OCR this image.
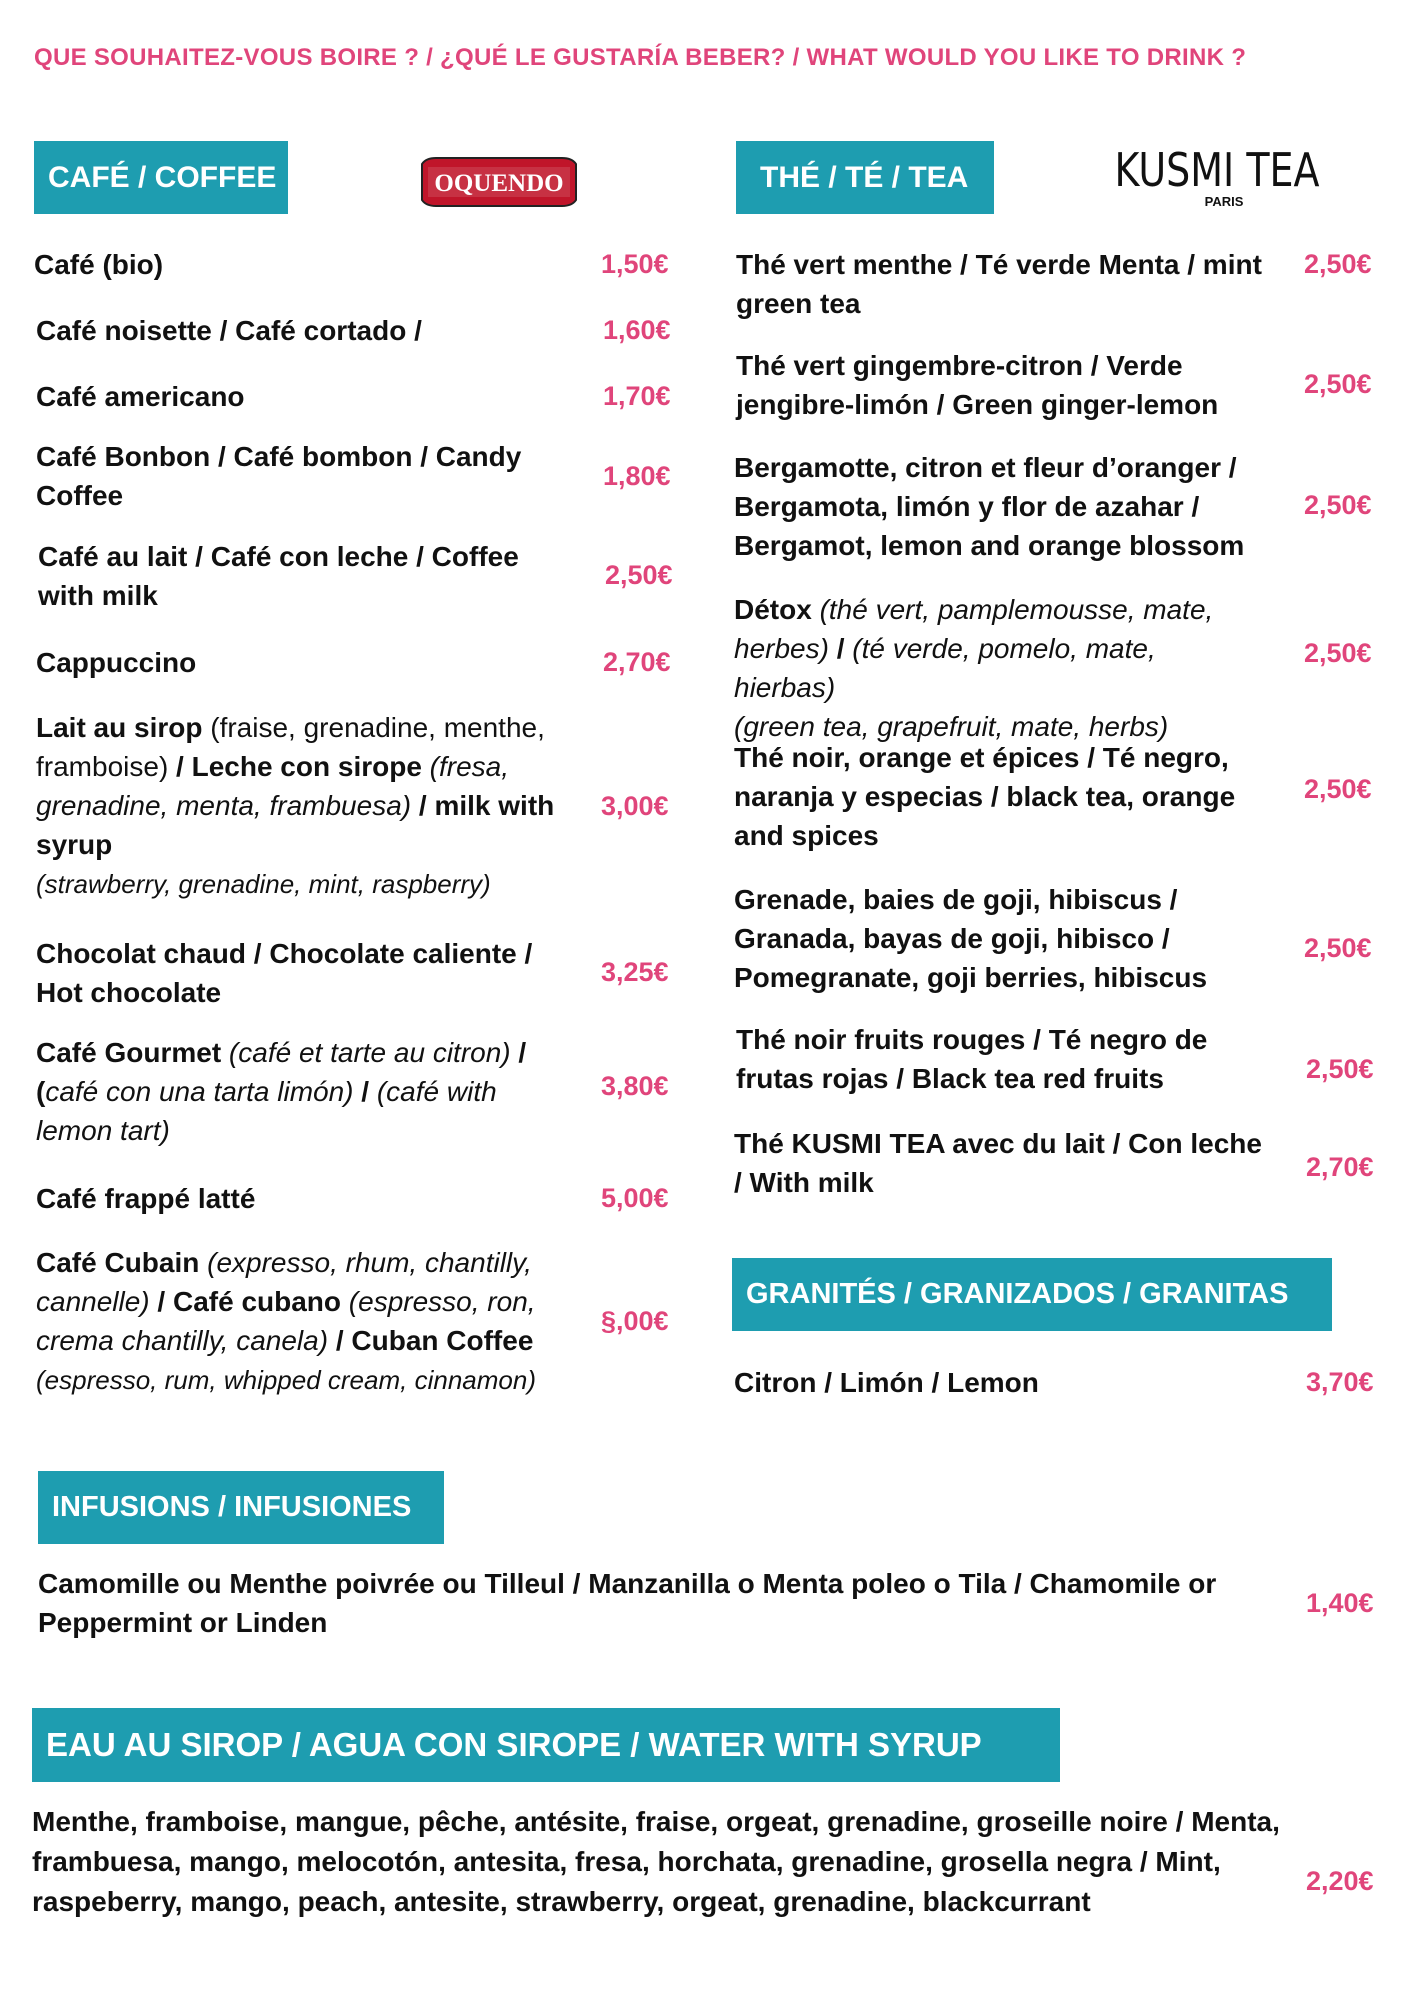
QUE SOUHAITEZ-VOUS BOIRE ? / ¿QUÉ LE GUSTARÍA BEBER? / WHAT WOULD YOU LIKE TO DRINK ?
CAFÉ / COFFEE	OQUENDO
Café (bio)	1,50€
Café noisette / Café cortado /	1,60€
Café americano	1,70€
Café Bonbon / Café bombon / Candy Coffee
1,80€
Café au lait / Café con leche / Coffee with milk
2,50€
Cappuccino	2,70€
Lait au sirop (fraise, grenadine, menthe, framboise) / Leche con sirope (fresa, grenadine, menta, frambuesa) / milk with syrup
(strawberry, grenadine, mint, raspberry)
3,00€
Chocolat chaud / Chocolate caliente / Hot chocolate
3,25€
Café Gourmet (café et tarte au citron) / (café con una tarta limón) / (café with lemon tart)
3,80€
Café frappé latté	5,00€
Café Cubain (expresso, rhum, chantilly, cannelle) / Café cubano (espresso, ron, crema chantilly, canela) / Cuban Coffee
(espresso, rum, whipped cream, cinnamon)
§,00€
THÉ / TÉ / TEA	KUSMI TEA
PARIS
Thé vert menthe / Té verde Menta / mint green tea
2,50€
Thé vert gingembre-citron / Verde jengibre-limón / Green ginger-lemon
2,50€
Bergamotte, citron et fleur d’oranger / Bergamota, limón y flor de azahar / Bergamot, lemon and orange blossom
2,50€
Détox (thé vert, pamplemousse, mate, herbes) / (té verde, pomelo, mate, hierbas)
(green tea, grapefruit, mate, herbs)
2,50€
Thé noir, orange et épices / Té negro, naranja y especias / black tea, orange and spices
2,50€
Grenade, baies de goji, hibiscus / Granada, bayas de goji, hibisco / Pomegranate, goji berries, hibiscus
2,50€
Thé noir fruits rouges / Té negro de frutas rojas / Black tea red fruits	2,50€
Thé KUSMI TEA avec du lait / Con leche / With milk	2,70€
GRANITÉS / GRANIZADOS / GRANITAS
Citron / Limón / Lemon	3,70€
INFUSIONS / INFUSIONES
Camomille ou Menthe poivrée ou Tilleul / Manzanilla o Menta poleo o Tila / Chamomile or Peppermint or Linden
1,40€
EAU AU SIROP / AGUA CON SIROPE / WATER WITH SYRUP
Menthe, framboise, mangue, pêche, antésite, fraise, orgeat, grenadine, groseille noire / Menta, frambuesa, mango, melocotón, antesita, fresa, horchata, grenadine, grosella negra / Mint, raspeberry, mango, peach, antesite, strawberry, orgeat, grenadine, blackcurrant
2,20€
